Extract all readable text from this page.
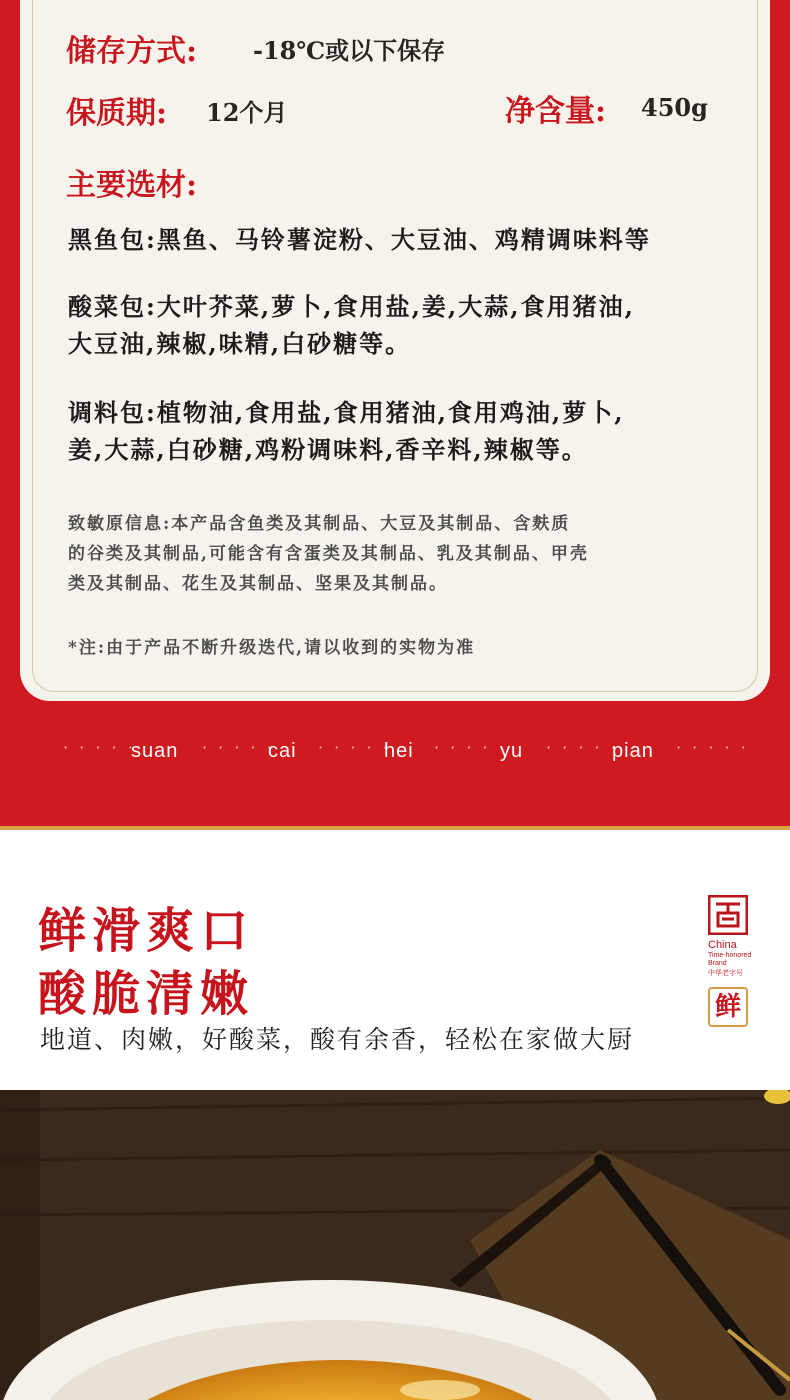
储存方式: -18℃或以下保存
保质期: 12个月	净含量: 450g
主要选材:
黑鱼包:黑鱼、马铃薯淀粉、大豆油、鸡精调味料等
酸菜包:大叶芥菜,萝卜,食用盐,姜,大蒜,食用猪油,
大豆油,辣椒,味精,白砂糖等。
调料包:植物油,食用盐,食用猪油,食用鸡油,萝卜,
姜,大蒜,白砂糖,鸡粉调味料,香辛料,辣椒等。
致敏原信息:本产品含鱼类及其制品、大豆及其制品、含麸质
的谷类及其制品,可能含有含蛋类及其制品、乳及其制品、甲壳
类及其制品、花生及其制品、坚果及其制品。
*注:由于产品不断升级迭代,请以收到的实物为准
· · · · ·
suan · · · · ·
cai · · · · ·
hei · · · · ·
yu · · · · ·
pian · · · · ·
鲜滑爽口
酸脆清嫩
地道、肉嫩，好酸菜，酸有余香，轻松在家做大厨
China
Time-honored
Brand
中华老字号
鲜
